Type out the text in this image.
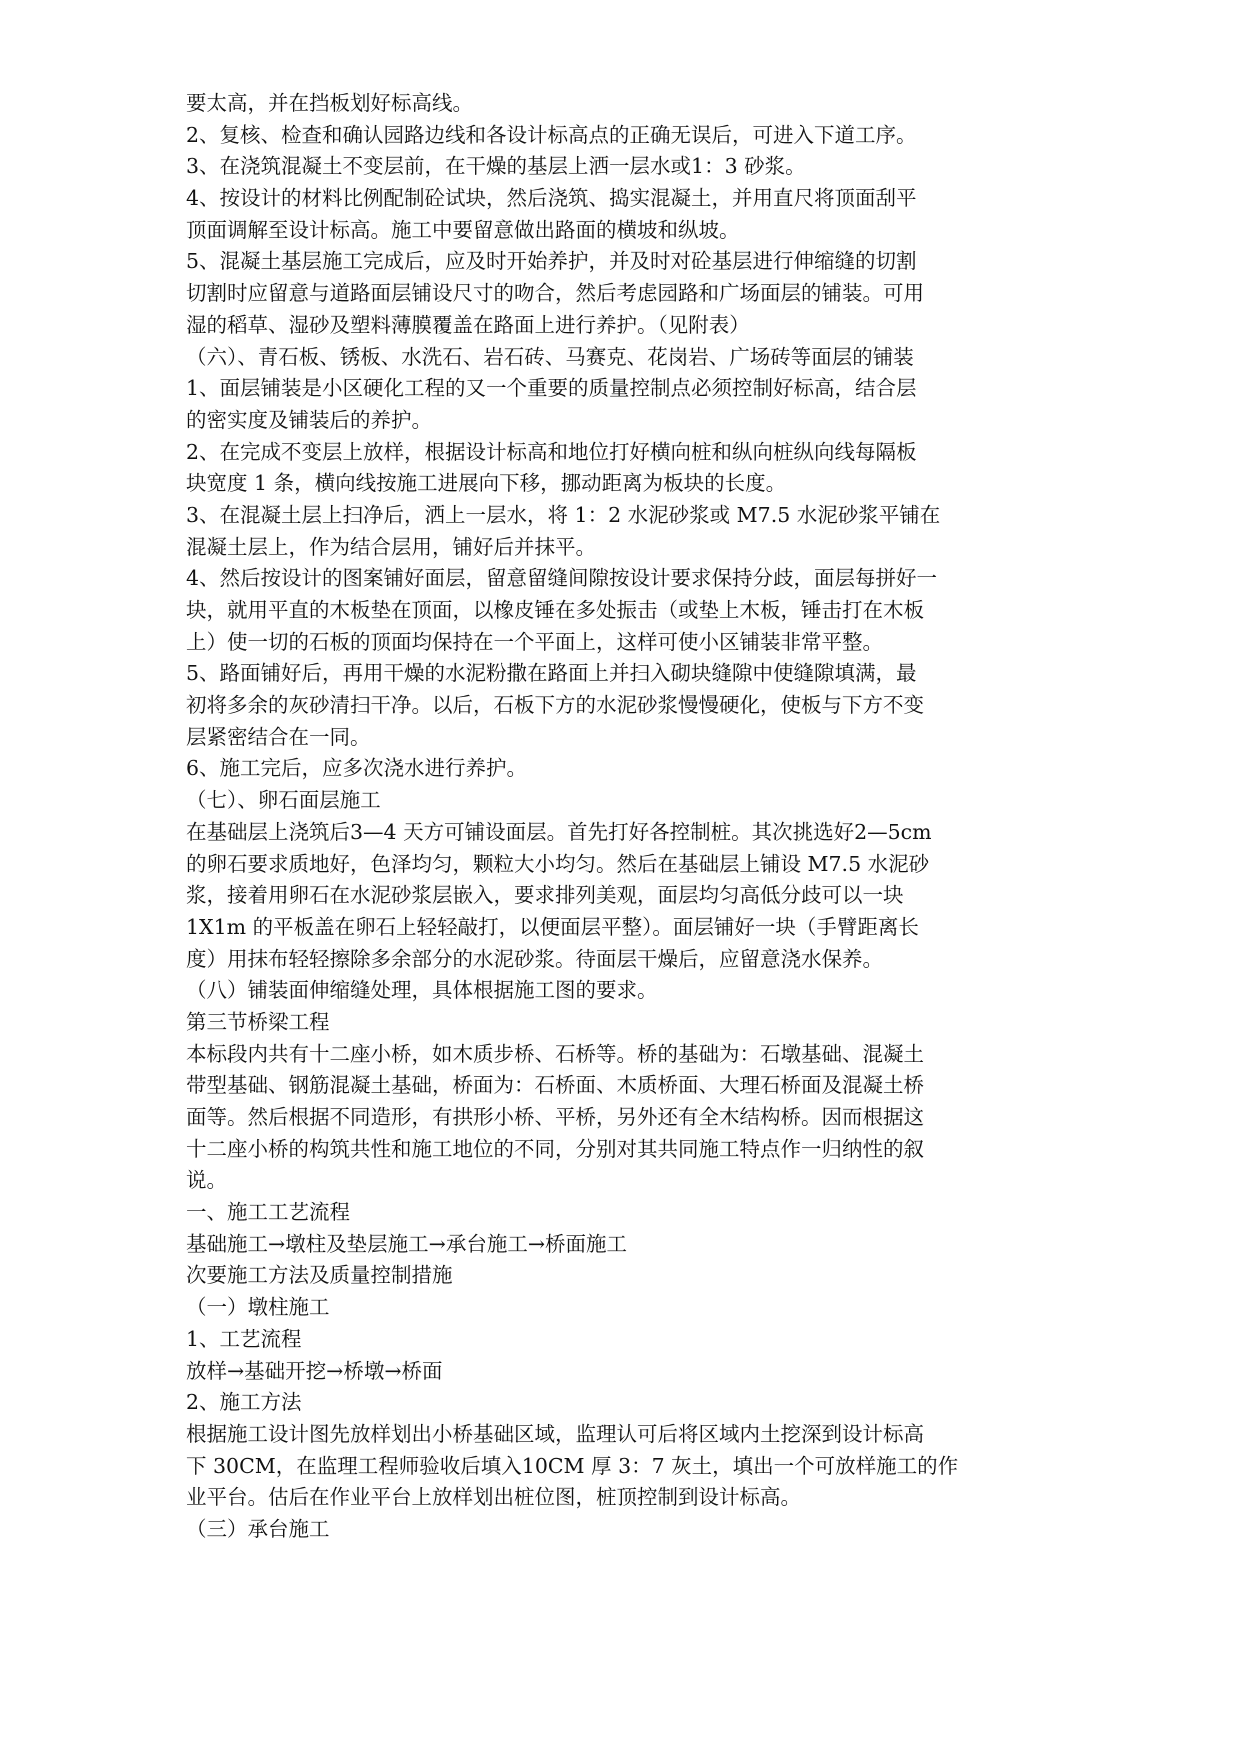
要太高，并在挡板划好标高线。
2、复核、检查和确认园路边线和各设计标高点的正确无误后，可进入下道工序。
3、在浇筑混凝土不变层前，在干燥的基层上洒一层水或1：3 砂浆。
4、按设计的材料比例配制砼试块，然后浇筑、捣实混凝土，并用直尺将顶面刮平
顶面调解至设计标高。施工中要留意做出路面的横坡和纵坡。
5、混凝土基层施工完成后，应及时开始养护，并及时对砼基层进行伸缩缝的切割
切割时应留意与道路面层铺设尺寸的吻合，然后考虑园路和广场面层的铺装。可用
湿的稻草、湿砂及塑料薄膜覆盖在路面上进行养护。（见附表）
（六）、青石板、锈板、水洗石、岩石砖、马赛克、花岗岩、广场砖等面层的铺装
1、面层铺装是小区硬化工程的又一个重要的质量控制点必须控制好标高，结合层
的密实度及铺装后的养护。
2、在完成不变层上放样，根据设计标高和地位打好横向桩和纵向桩纵向线每隔板
块宽度 1 条，横向线按施工进展向下移，挪动距离为板块的长度。
3、在混凝土层上扫净后，洒上一层水，将 1：2 水泥砂浆或 M7.5 水泥砂浆平铺在
混凝土层上，作为结合层用，铺好后并抹平。
4、然后按设计的图案铺好面层，留意留缝间隙按设计要求保持分歧，面层每拼好一
块，就用平直的木板垫在顶面，以橡皮锤在多处振击（或垫上木板，锤击打在木板
上）使一切的石板的顶面均保持在一个平面上，这样可使小区铺装非常平整。
5、路面铺好后，再用干燥的水泥粉撒在路面上并扫入砌块缝隙中使缝隙填满，最
初将多余的灰砂清扫干净。以后，石板下方的水泥砂浆慢慢硬化，使板与下方不变
层紧密结合在一同。
6、施工完后，应多次浇水进行养护。
（七）、卵石面层施工
在基础层上浇筑后3—4 天方可铺设面层。首先打好各控制桩。其次挑选好2—5cm
的卵石要求质地好，色泽均匀，颗粒大小均匀。然后在基础层上铺设 M7.5 水泥砂
浆，接着用卵石在水泥砂浆层嵌入，要求排列美观，面层均匀高低分歧可以一块
1X1m 的平板盖在卵石上轻轻敲打，以便面层平整）。面层铺好一块（手臂距离长
度）用抹布轻轻擦除多余部分的水泥砂浆。待面层干燥后，应留意浇水保养。
（八）铺装面伸缩缝处理，具体根据施工图的要求。
第三节桥梁工程
本标段内共有十二座小桥，如木质步桥、石桥等。桥的基础为：石墩基础、混凝土
带型基础、钢筋混凝土基础，桥面为：石桥面、木质桥面、大理石桥面及混凝土桥
面等。然后根据不同造形，有拱形小桥、平桥，另外还有全木结构桥。因而根据这
十二座小桥的构筑共性和施工地位的不同，分别对其共同施工特点作一归纳性的叙
说。
一、施工工艺流程
基础施工→墩柱及垫层施工→承台施工→桥面施工
次要施工方法及质量控制措施
（一）墩柱施工
1、工艺流程
放样→基础开挖→桥墩→桥面
2、施工方法
根据施工设计图先放样划出小桥基础区域，监理认可后将区域内土挖深到设计标高
下 30CM，在监理工程师验收后填入10CM 厚 3：7 灰土，填出一个可放样施工的作
业平台。估后在作业平台上放样划出桩位图，桩顶控制到设计标高。
（三）承台施工
